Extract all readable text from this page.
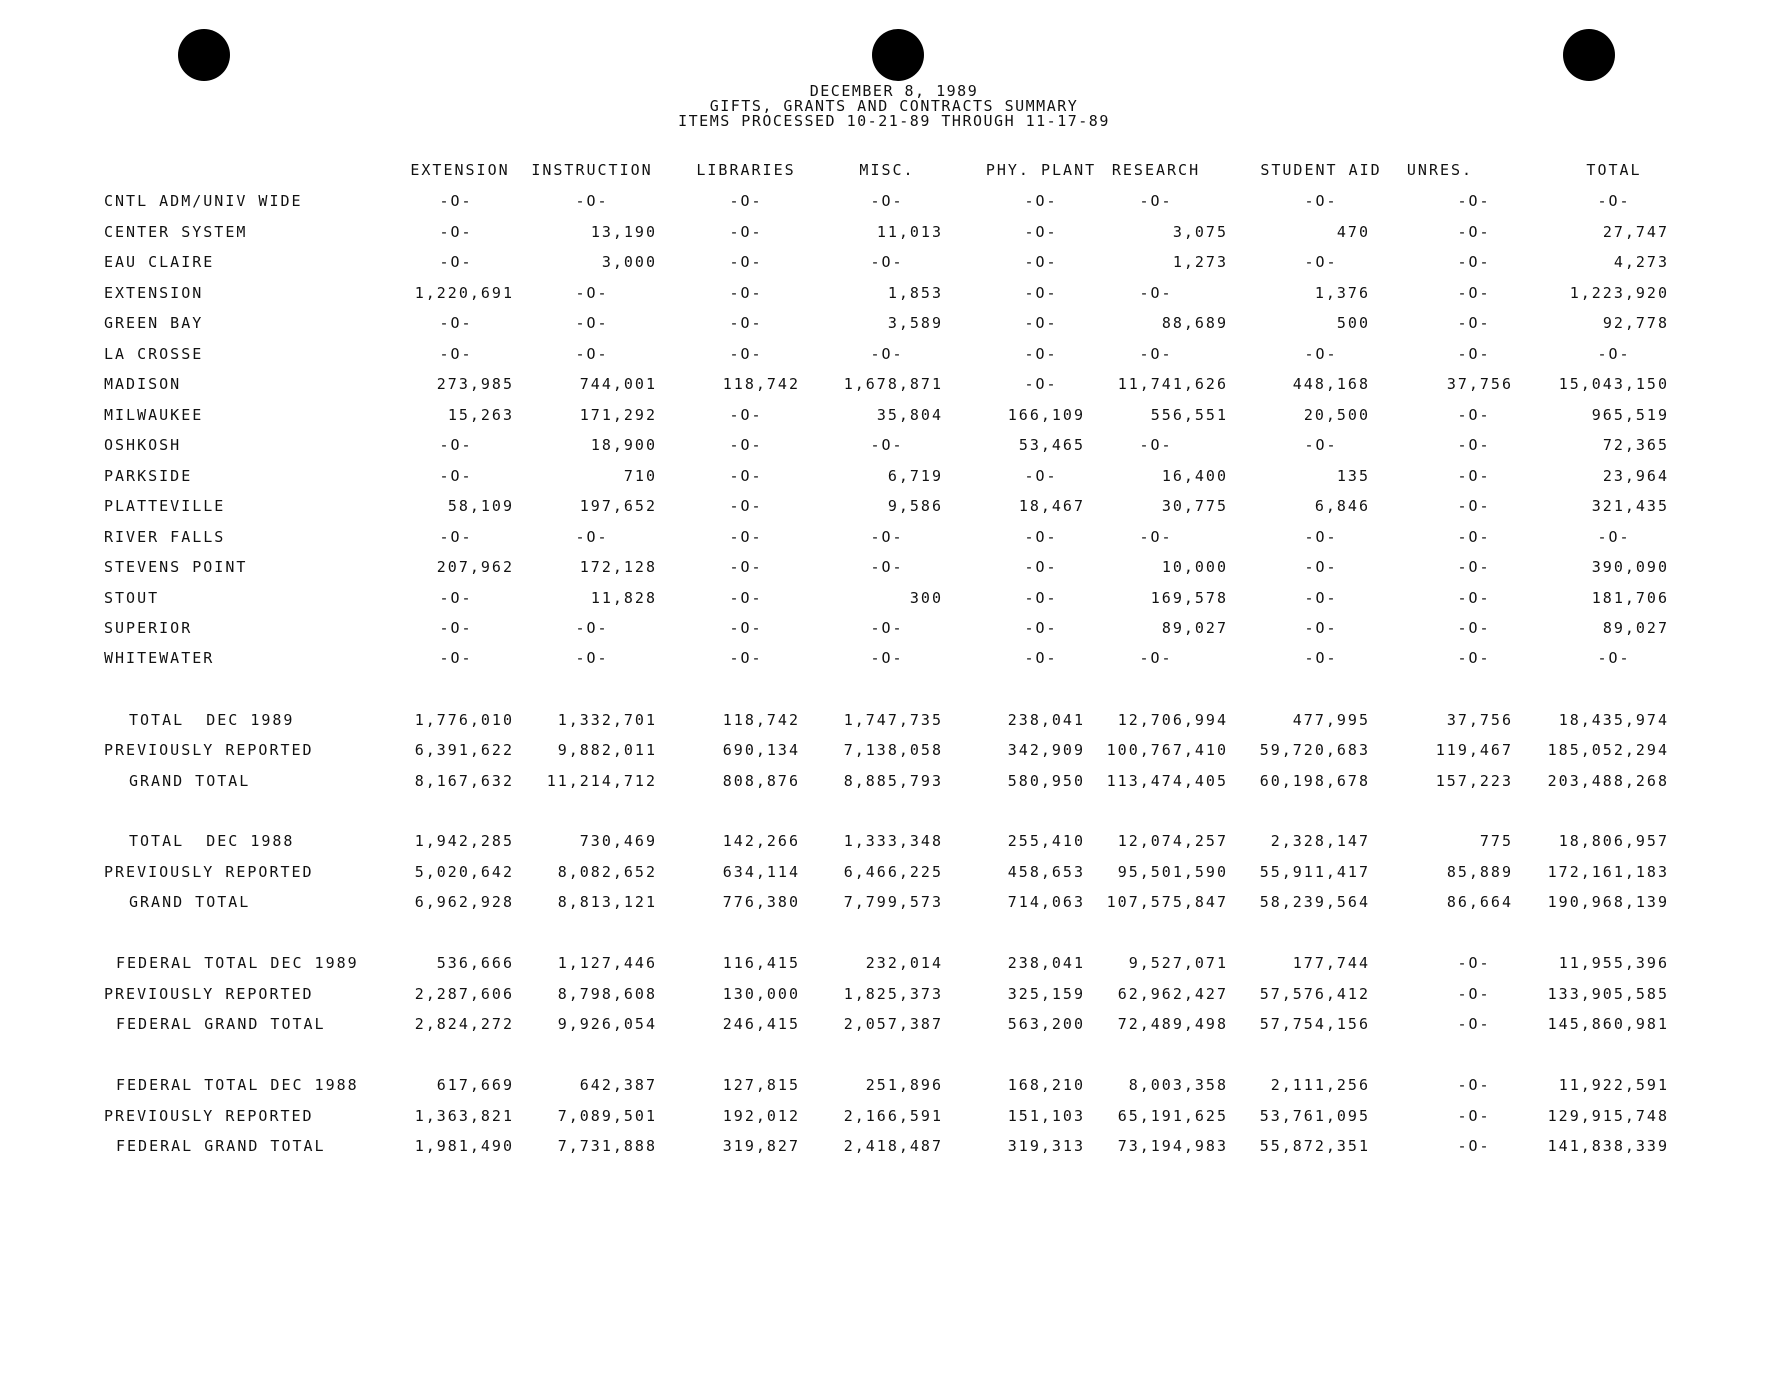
DECEMBER 8, 1989
GIFTS, GRANTS AND CONTRACTS SUMMARY
ITEMS PROCESSED 10-21-89 THROUGH 11-17-89
EXTENSION	INSTRUCTION	LIBRARIES	MISC.	PHY. PLANT	RESEARCH	STUDENT AID	UNRES.	TOTAL
CNTL ADM/UNIV WIDE	-O-	-O-	-O-	-O-	-O-	-O-	-O-	-O-	-O-
CENTER SYSTEM	-O-	13,190	-O-	11,013	-O-	3,075	470	-O-	27,747
EAU CLAIRE	-O-	3,000	-O-	-O-	-O-	1,273	-O-	-O-	4,273
EXTENSION	1,220,691	-O-	-O-	1,853	-O-	-O-	1,376	-O-	1,223,920
GREEN BAY	-O-	-O-	-O-	3,589	-O-	88,689	500	-O-	92,778
LA CROSSE	-O-	-O-	-O-	-O-	-O-	-O-	-O-	-O-	-O-
MADISON	273,985	744,001	118,742	1,678,871	-O-	11,741,626	448,168	37,756	15,043,150
MILWAUKEE	15,263	171,292	-O-	35,804	166,109	556,551	20,500	-O-	965,519
OSHKOSH	-O-	18,900	-O-	-O-	53,465	-O-	-O-	-O-	72,365
PARKSIDE	-O-	710	-O-	6,719	-O-	16,400	135	-O-	23,964
PLATTEVILLE	58,109	197,652	-O-	9,586	18,467	30,775	6,846	-O-	321,435
RIVER FALLS	-O-	-O-	-O-	-O-	-O-	-O-	-O-	-O-	-O-
STEVENS POINT	207,962	172,128	-O-	-O-	-O-	10,000	-O-	-O-	390,090
STOUT	-O-	11,828	-O-	300	-O-	169,578	-O-	-O-	181,706
SUPERIOR	-O-	-O-	-O-	-O-	-O-	89,027	-O-	-O-	89,027
WHITEWATER	-O-	-O-	-O-	-O-	-O-	-O-	-O-	-O-	-O-
TOTAL  DEC 1989	1,776,010	1,332,701	118,742	1,747,735	238,041	12,706,994	477,995	37,756	18,435,974
PREVIOUSLY REPORTED	6,391,622	9,882,011	690,134	7,138,058	342,909	100,767,410	59,720,683	119,467	185,052,294
GRAND TOTAL	8,167,632	11,214,712	808,876	8,885,793	580,950	113,474,405	60,198,678	157,223	203,488,268
TOTAL  DEC 1988	1,942,285	730,469	142,266	1,333,348	255,410	12,074,257	2,328,147	775	18,806,957
PREVIOUSLY REPORTED	5,020,642	8,082,652	634,114	6,466,225	458,653	95,501,590	55,911,417	85,889	172,161,183
GRAND TOTAL	6,962,928	8,813,121	776,380	7,799,573	714,063	107,575,847	58,239,564	86,664	190,968,139
FEDERAL TOTAL DEC 1989	536,666	1,127,446	116,415	232,014	238,041	9,527,071	177,744	-O-	11,955,396
PREVIOUSLY REPORTED	2,287,606	8,798,608	130,000	1,825,373	325,159	62,962,427	57,576,412	-O-	133,905,585
FEDERAL GRAND TOTAL	2,824,272	9,926,054	246,415	2,057,387	563,200	72,489,498	57,754,156	-O-	145,860,981
FEDERAL TOTAL DEC 1988	617,669	642,387	127,815	251,896	168,210	8,003,358	2,111,256	-O-	11,922,591
PREVIOUSLY REPORTED	1,363,821	7,089,501	192,012	2,166,591	151,103	65,191,625	53,761,095	-O-	129,915,748
FEDERAL GRAND TOTAL	1,981,490	7,731,888	319,827	2,418,487	319,313	73,194,983	55,872,351	-O-	141,838,339
